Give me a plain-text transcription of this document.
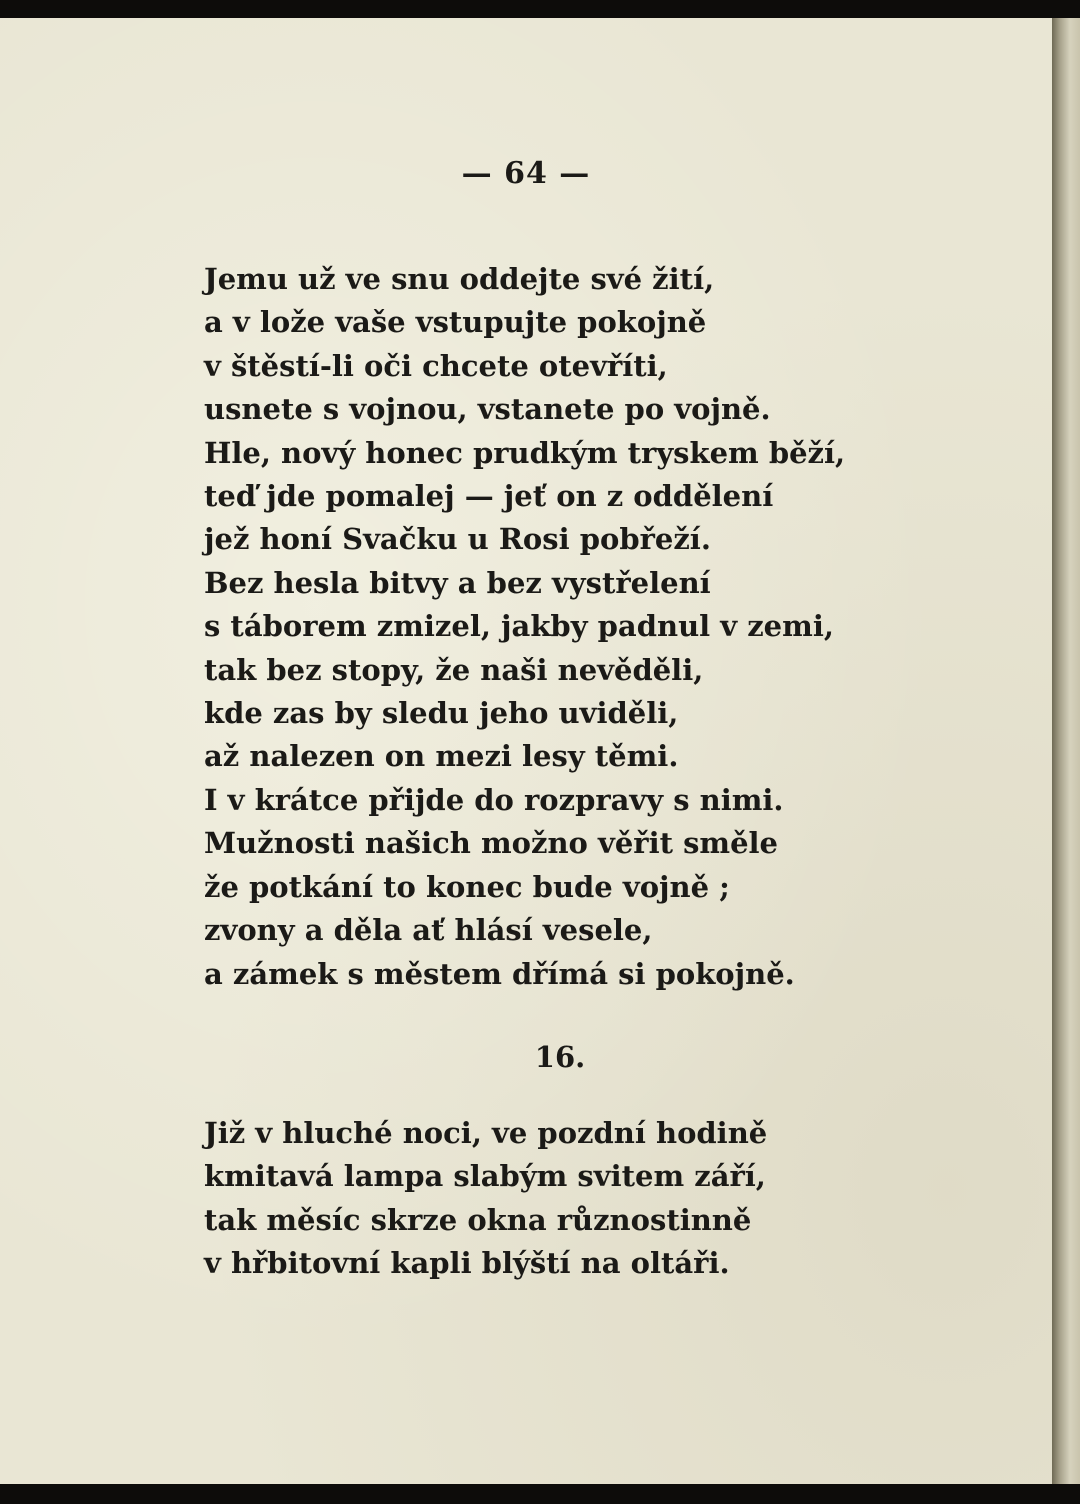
— 64 —
Jemu už ve snu oddejte své žití,
a v lože vaše vstupujte pokojně
v štěstí-li oči chcete otevříti,
usnete s vojnou, vstanete po vojně.
Hle, nový honec prudkým tryskem běží,
teď jde pomalej — jeť on z oddělení
jež honí Svačku u Rosi pobřeží.
Bez hesla bitvy a bez vystřelení
s táborem zmizel, jakby padnul v zemi,
tak bez stopy, že naši nevěděli,
kde zas by sledu jeho uviděli,
až nalezen on mezi lesy těmi.
I v krátce přijde do rozpravy s nimi.
Mužnosti našich možno věřit směle
že potkání to konec bude vojně ;
zvony a děla ať hlásí vesele,
a zámek s městem dřímá si pokojně.
16.
Již v hluché noci, ve pozdní hodině
kmitavá lampa slabým svitem září,
tak měsíc skrze okna různostinně
v hřbitovní kapli blýští na oltáři.
